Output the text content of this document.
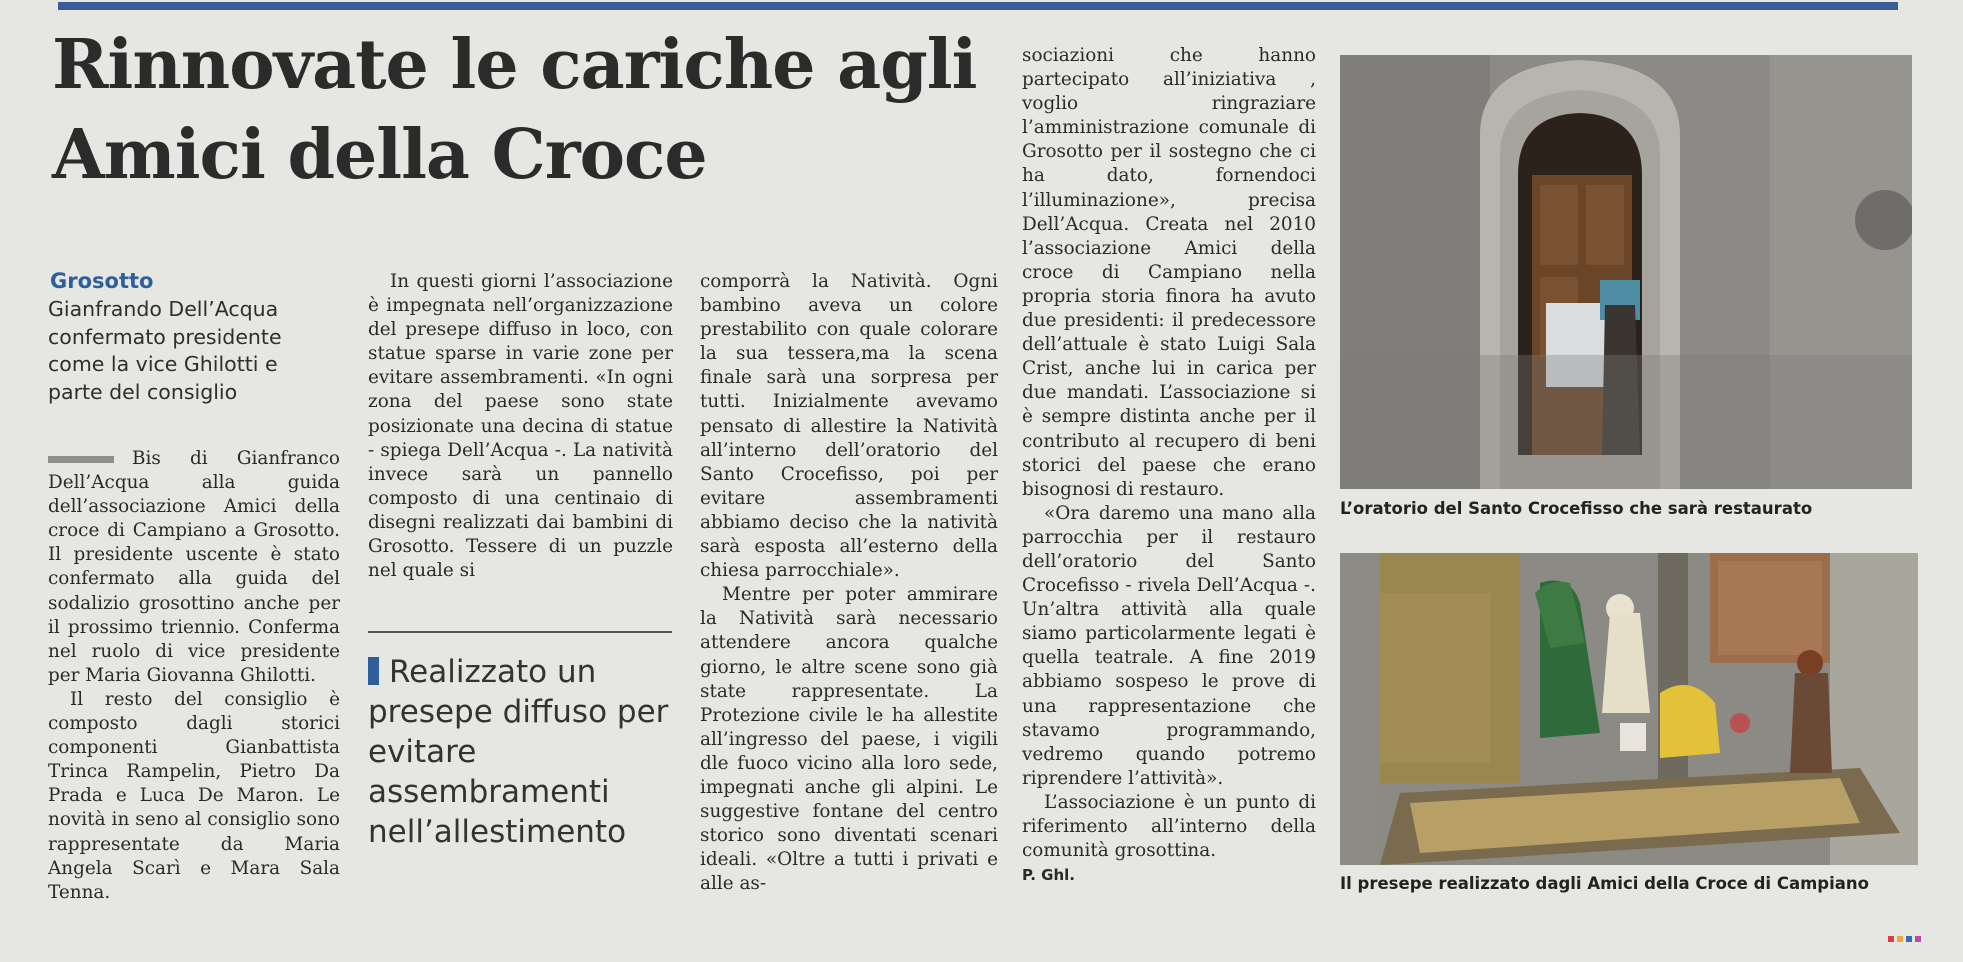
Rinnovate le cariche agli Amici della Croce
Grosotto
Gianfrando Dell’Acqua confermato presidente come la vice Ghilotti e parte del consiglio

Bis di Gianfranco Dell’Acqua alla guida dell’associazione Amici della croce di Campiano a Grosotto. Il presidente uscente è stato confermato alla guida del sodalizio grosottino anche per il prossimo triennio. Conferma nel ruolo di vice presidente per Maria Giovanna Ghilotti.

Il resto del consiglio è composto dagli storici componenti Gianbattista Trinca Rampelin, Pietro Da Prada e Luca De Maron. Le novità in seno al consiglio sono rappresentate da Maria Angela Scarì e Mara Sala Tenna.

In questi giorni l’associazione è impegnata nell’organizzazione del presepe diffuso in loco, con statue sparse in varie zone per evitare assembramenti. «In ogni zona del paese sono state posizionate una decina di statue - spiega Dell’Acqua -. La natività invece sarà un pannello composto di una centinaio di disegni realizzati dai bambini di Grosotto. Tessere di un puzzle nel quale si

Realizzato un presepe diffuso per evitare assembramenti nell’allestimento

comporrà la Natività. Ogni bambino aveva un colore prestabilito con quale colorare la sua tessera,ma la scena finale sarà una sorpresa per tutti. Inizialmente avevamo pensato di allestire la Natività all’interno dell’oratorio del Santo Crocefisso, poi per evitare assembramenti abbiamo deciso che la natività sarà esposta all’esterno della chiesa parrocchiale».

Mentre per poter ammirare la Natività sarà necessario attendere ancora qualche giorno, le altre scene sono già state rappresentate. La Protezione civile le ha allestite all’ingresso del paese, i vigili dle fuoco vicino alla loro sede, impegnati anche gli alpini. Le suggestive fontane del centro storico sono diventati scenari ideali. «Oltre a tutti i privati e alle as-

sociazioni che hanno partecipato all’iniziativa , voglio ringraziare l’amministrazione comunale di Grosotto per il sostegno che ci ha dato, fornendoci l’illuminazione», precisa Dell’Acqua. Creata nel 2010 l’associazione Amici della croce di Campiano nella propria storia finora ha avuto due presidenti: il predecessore dell’attuale è stato Luigi Sala Crist, anche lui in carica per due mandati. L’associazione si è sempre distinta anche per il contributo al recupero di beni storici del paese che erano bisognosi di restauro.

«Ora daremo una mano alla parrocchia per il restauro dell’oratorio del Santo Crocefisso - rivela Dell’Acqua -. Un’altra attività alla quale siamo particolarmente legati è quella teatrale. A fine 2019 abbiamo sospeso le prove di una rappresentazione che stavamo programmando, vedremo quando potremo riprendere l’attività».

L’associazione è un punto di riferimento all’interno della comunità grosottina.

P. Ghl.
L’oratorio del Santo Crocefisso che sarà restaurato
Il presepe realizzato dagli Amici della Croce di Campiano
